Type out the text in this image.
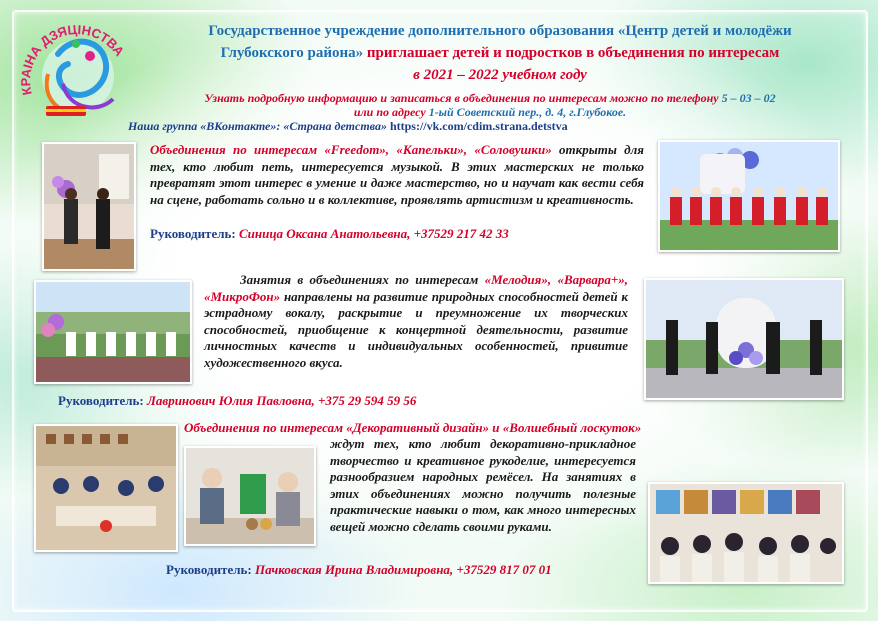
КРАІНА ДЗЯЦІНСТВА
Государственное учреждение дополнительного образования «Центр детей и молодёжи
Глубокского района» приглашает детей и подростков в объединения по интересам
в 2021 – 2022 учебном году
Узнать подробную информацию и записаться в объединения по интересам можно по телефону 5 – 03 – 02
или по адресу 1-ый Советский пер., д. 4, г.Глубокое.
Наша группа «ВКонтакте»: «Страна детства» https://vk.com/cdim.strana.detstva
Объединения по интересам «Freedom», «Капельки», «Соловушки» открыты для тех, кто любит петь, интересуется музыкой. В этих мастерских не только превратят этот интерес в умение и даже мастерство, но и научат как вести себя на сцене, работать сольно и в коллективе, проявлять артистизм и креативность.
Руководитель: Синица Оксана Анатольевна, +37529 217 42 33
Занятия в объединениях по интересам «Мелодия», «Варвара+», «МикроФон» направлены на развитие природных способностей детей к эстрадному вокалу, раскрытие и преумножение их творческих способностей, приобщение к концертной деятельности, развитие личностных качеств и индивидуальных особенностей, привитие художественного вкуса.
Руководитель: Лавринович Юлия Павловна, +375 29 594 59 56
Объединения по интересам «Декоративный дизайн» и «Волшебный лоскуток»
ждут тех, кто любит декоративно-прикладное творчество и креативное рукоделие, интересуется разнообразием народных ремёсел. На занятиях в этих объединениях можно получить полезные практические навыки о том, как много интересных вещей можно сделать своими руками.
Руководитель: Пачковская Ирина Владимировна, +37529 817 07 01
